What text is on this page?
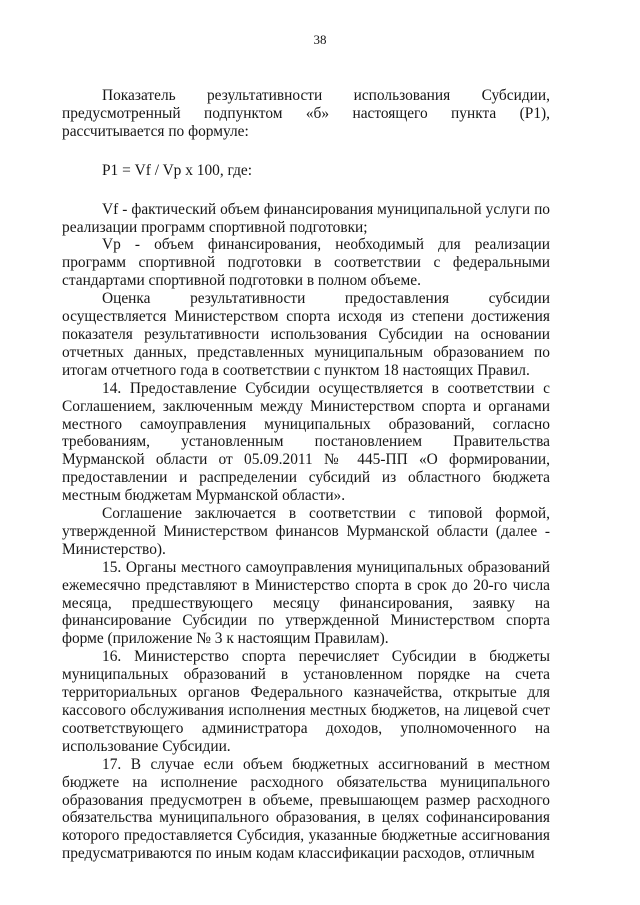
38

Показатель результативности использования Субсидии, предусмотренный подпунктом «б» настоящего пункта (Р1), рассчитывается по формуле:

Р1 = Vf / Vp x 100, где:

Vf - фактический объем финансирования муниципальной услуги по реализации программ спортивной подготовки;

Vp - объем финансирования, необходимый для реализации программ спортивной подготовки в соответствии с федеральными стандартами спортивной подготовки в полном объеме.

Оценка результативности предоставления субсидии осуществляется Министерством спорта исходя из степени достижения показателя результативности использования Субсидии на основании отчетных данных, представленных муниципальным образованием по итогам отчетного года в соответствии с пунктом 18 настоящих Правил.

14. Предоставление Субсидии осуществляется в соответствии с Соглашением, заключенным между Министерством спорта и органами местного самоуправления муниципальных образований, согласно требованиям, установленным постановлением Правительства Мурманской области от 05.09.2011 № 445-ПП «О формировании, предоставлении и распределении субсидий из областного бюджета местным бюджетам Мурманской области».

Соглашение заключается в соответствии с типовой формой, утвержденной Министерством финансов Мурманской области (далее - Министерство).

15. Органы местного самоуправления муниципальных образований ежемесячно представляют в Министерство спорта в срок до 20-го числа месяца, предшествующего месяцу финансирования, заявку на финансирование Субсидии по утвержденной Министерством спорта форме (приложение № 3 к настоящим Правилам).

16. Министерство спорта перечисляет Субсидии в бюджеты муниципальных образований в установленном порядке на счета территориальных органов Федерального казначейства, открытые для кассового обслуживания исполнения местных бюджетов, на лицевой счет соответствующего администратора доходов, уполномоченного на использование Субсидии.

17. В случае если объем бюджетных ассигнований в местном бюджете на исполнение расходного обязательства муниципального образования предусмотрен в объеме, превышающем размер расходного обязательства муниципального образования, в целях софинансирования которого предоставляется Субсидия, указанные бюджетные ассигнования предусматриваются по иным кодам классификации расходов, отличным
